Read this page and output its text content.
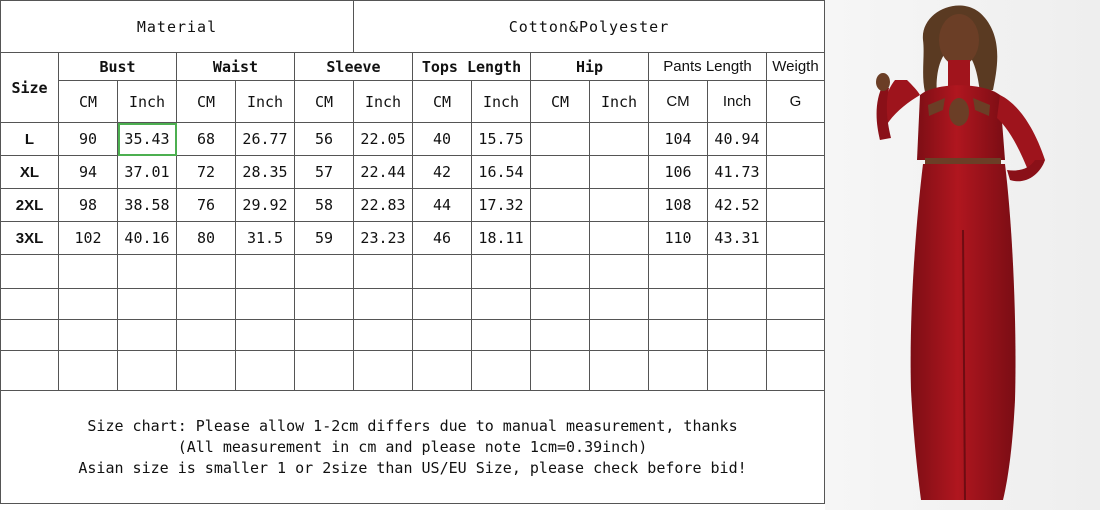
Material						Cotton&Polyester							
Size	Bust		Waist		Sleeve		Tops Length		Hip		Pants Length		Weigth
	CM	Inch	CM	Inch	CM	Inch	CM	Inch	CM	Inch	CM	Inch	G
L	90	35.43	68	26.77	56	22.05	40	15.75			104	40.94	
XL	94	37.01	72	28.35	57	22.44	42	16.54			106	41.73	
2XL	98	38.58	76	29.92	58	22.83	44	17.32			108	42.52	
3XL	102	40.16	80	31.5	59	23.23	46	18.11			110	43.31	

Size chart: Please allow 1-2cm differs due to manual measurement, thanks
(All measurement in cm and please note 1cm=0.39inch)
Asian size is smaller 1 or 2size than US/EU Size, please check before bid!													
